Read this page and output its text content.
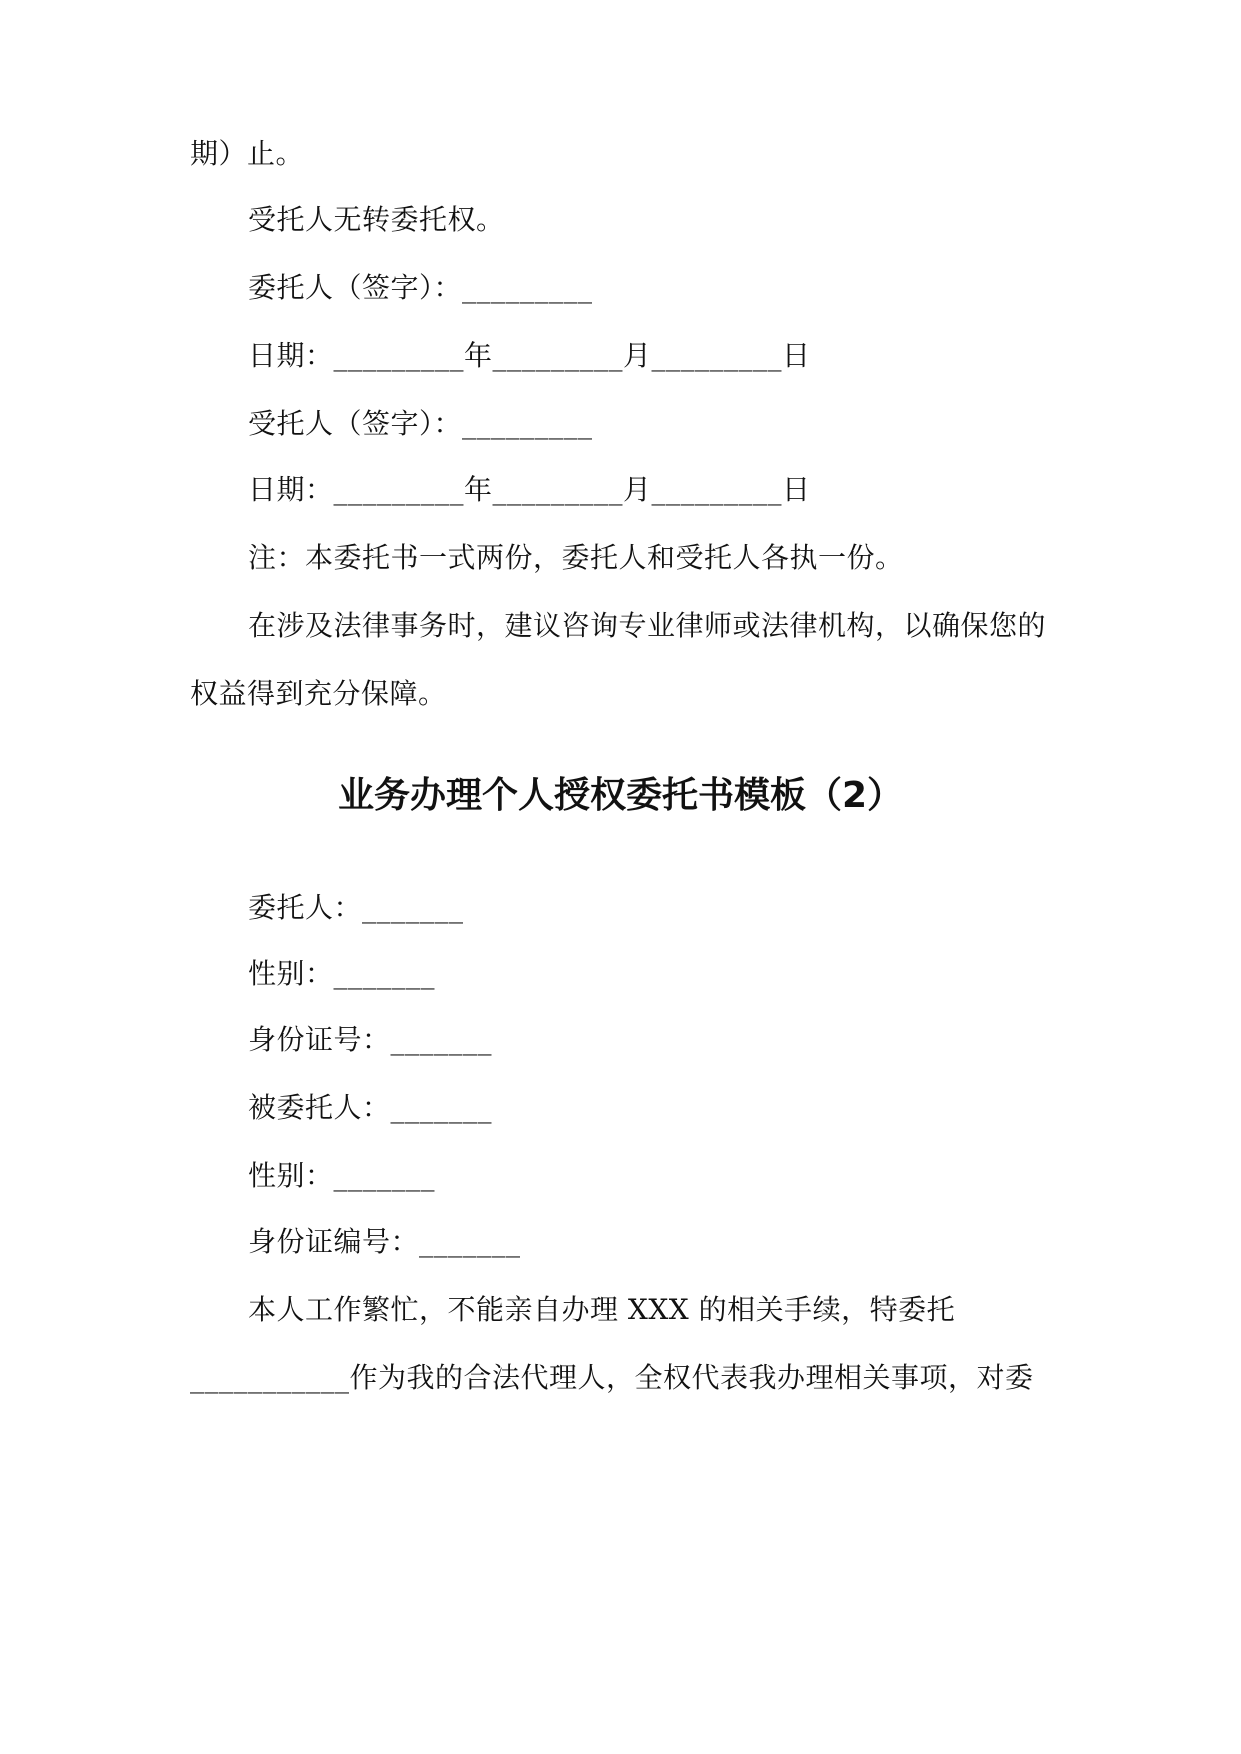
期）止。
受托人无转委托权。
委托人（签字）：_________
日期：_________年_________月_________日
受托人（签字）：_________
日期：_________年_________月_________日
注：本委托书一式两份，委托人和受托人各执一份。
在涉及法律事务时，建议咨询专业律师或法律机构，以确保您的
权益得到充分保障。
业务办理个人授权委托书模板（2）
委托人：_______
性别：_______
身份证号：_______
被委托人：_______
性别：_______
身份证编号：_______
本人工作繁忙，不能亲自办理 XXX 的相关手续，特委托
___________作为我的合法代理人，全权代表我办理相关事项，对委
